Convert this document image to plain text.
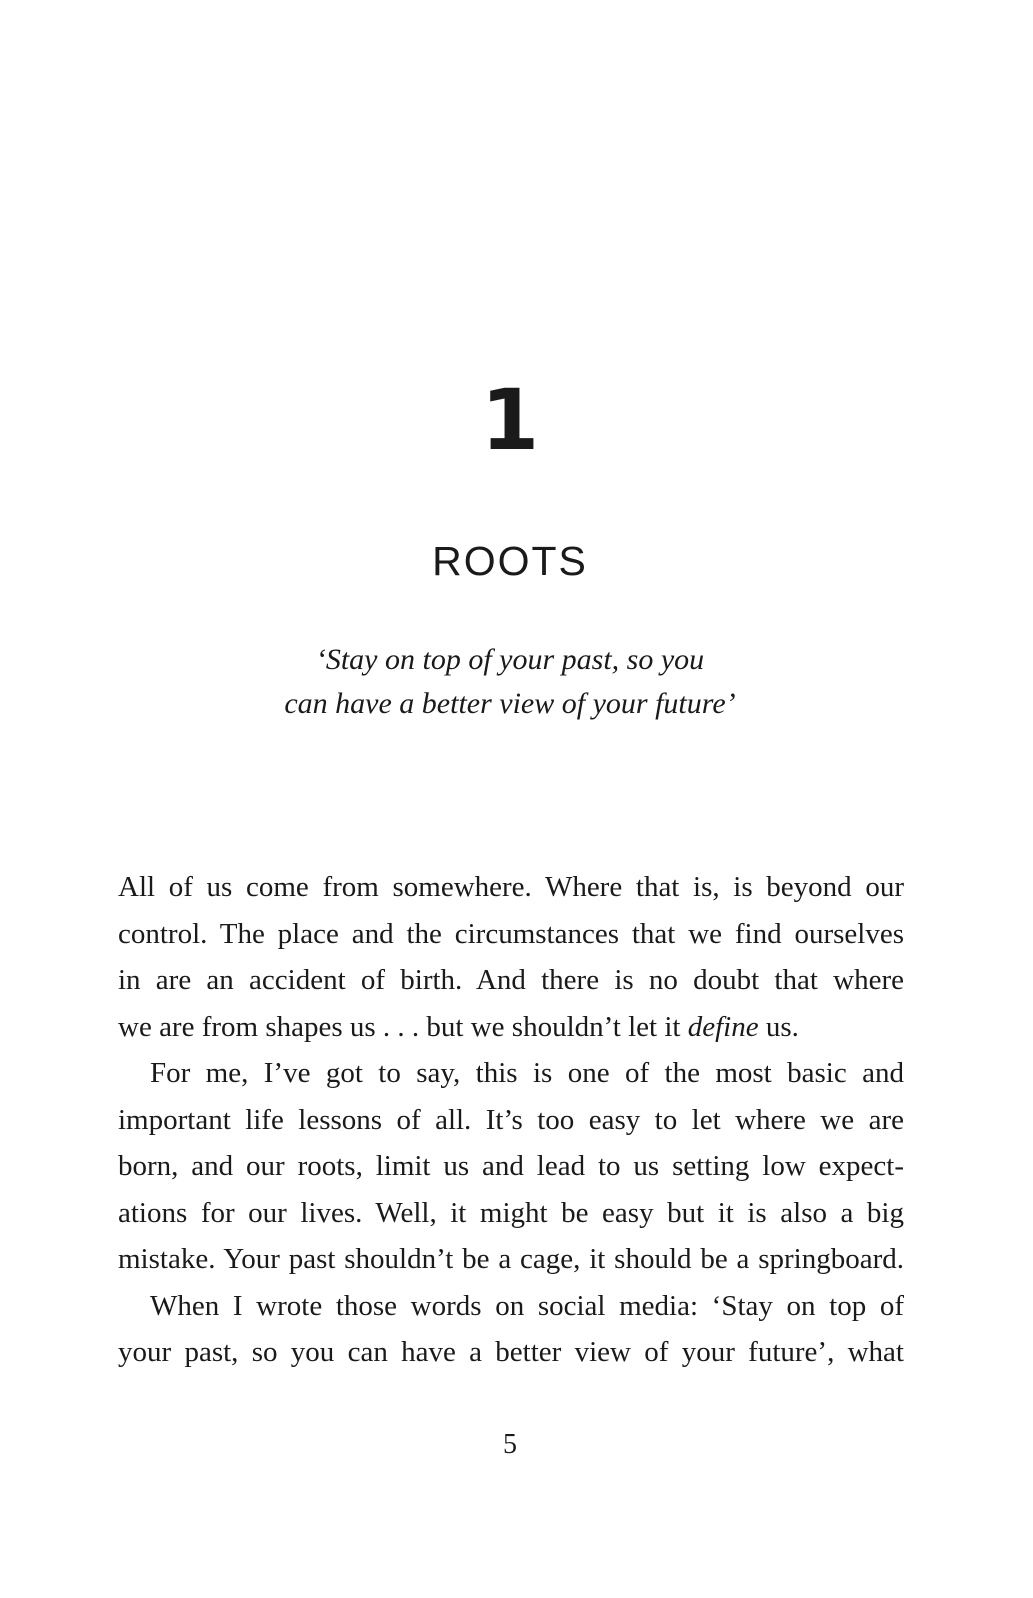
1
ROOTS
‘Stay on top of your past, so you
can have a better view of your future’
All of us come from somewhere. Where that is, is beyond our
control. The place and the circumstances that we find ourselves
in are an accident of birth. And there is no doubt that where
we are from shapes us . . . but we shouldn’t let it define us.
For me, I’ve got to say, this is one of the most basic and
important life lessons of all. It’s too easy to let where we are
born, and our roots, limit us and lead to us setting low expect-
ations for our lives. Well, it might be easy but it is also a big
mistake. Your past shouldn’t be a cage, it should be a springboard.
When I wrote those words on social media: ‘Stay on top of
your past, so you can have a better view of your future’, what
5
